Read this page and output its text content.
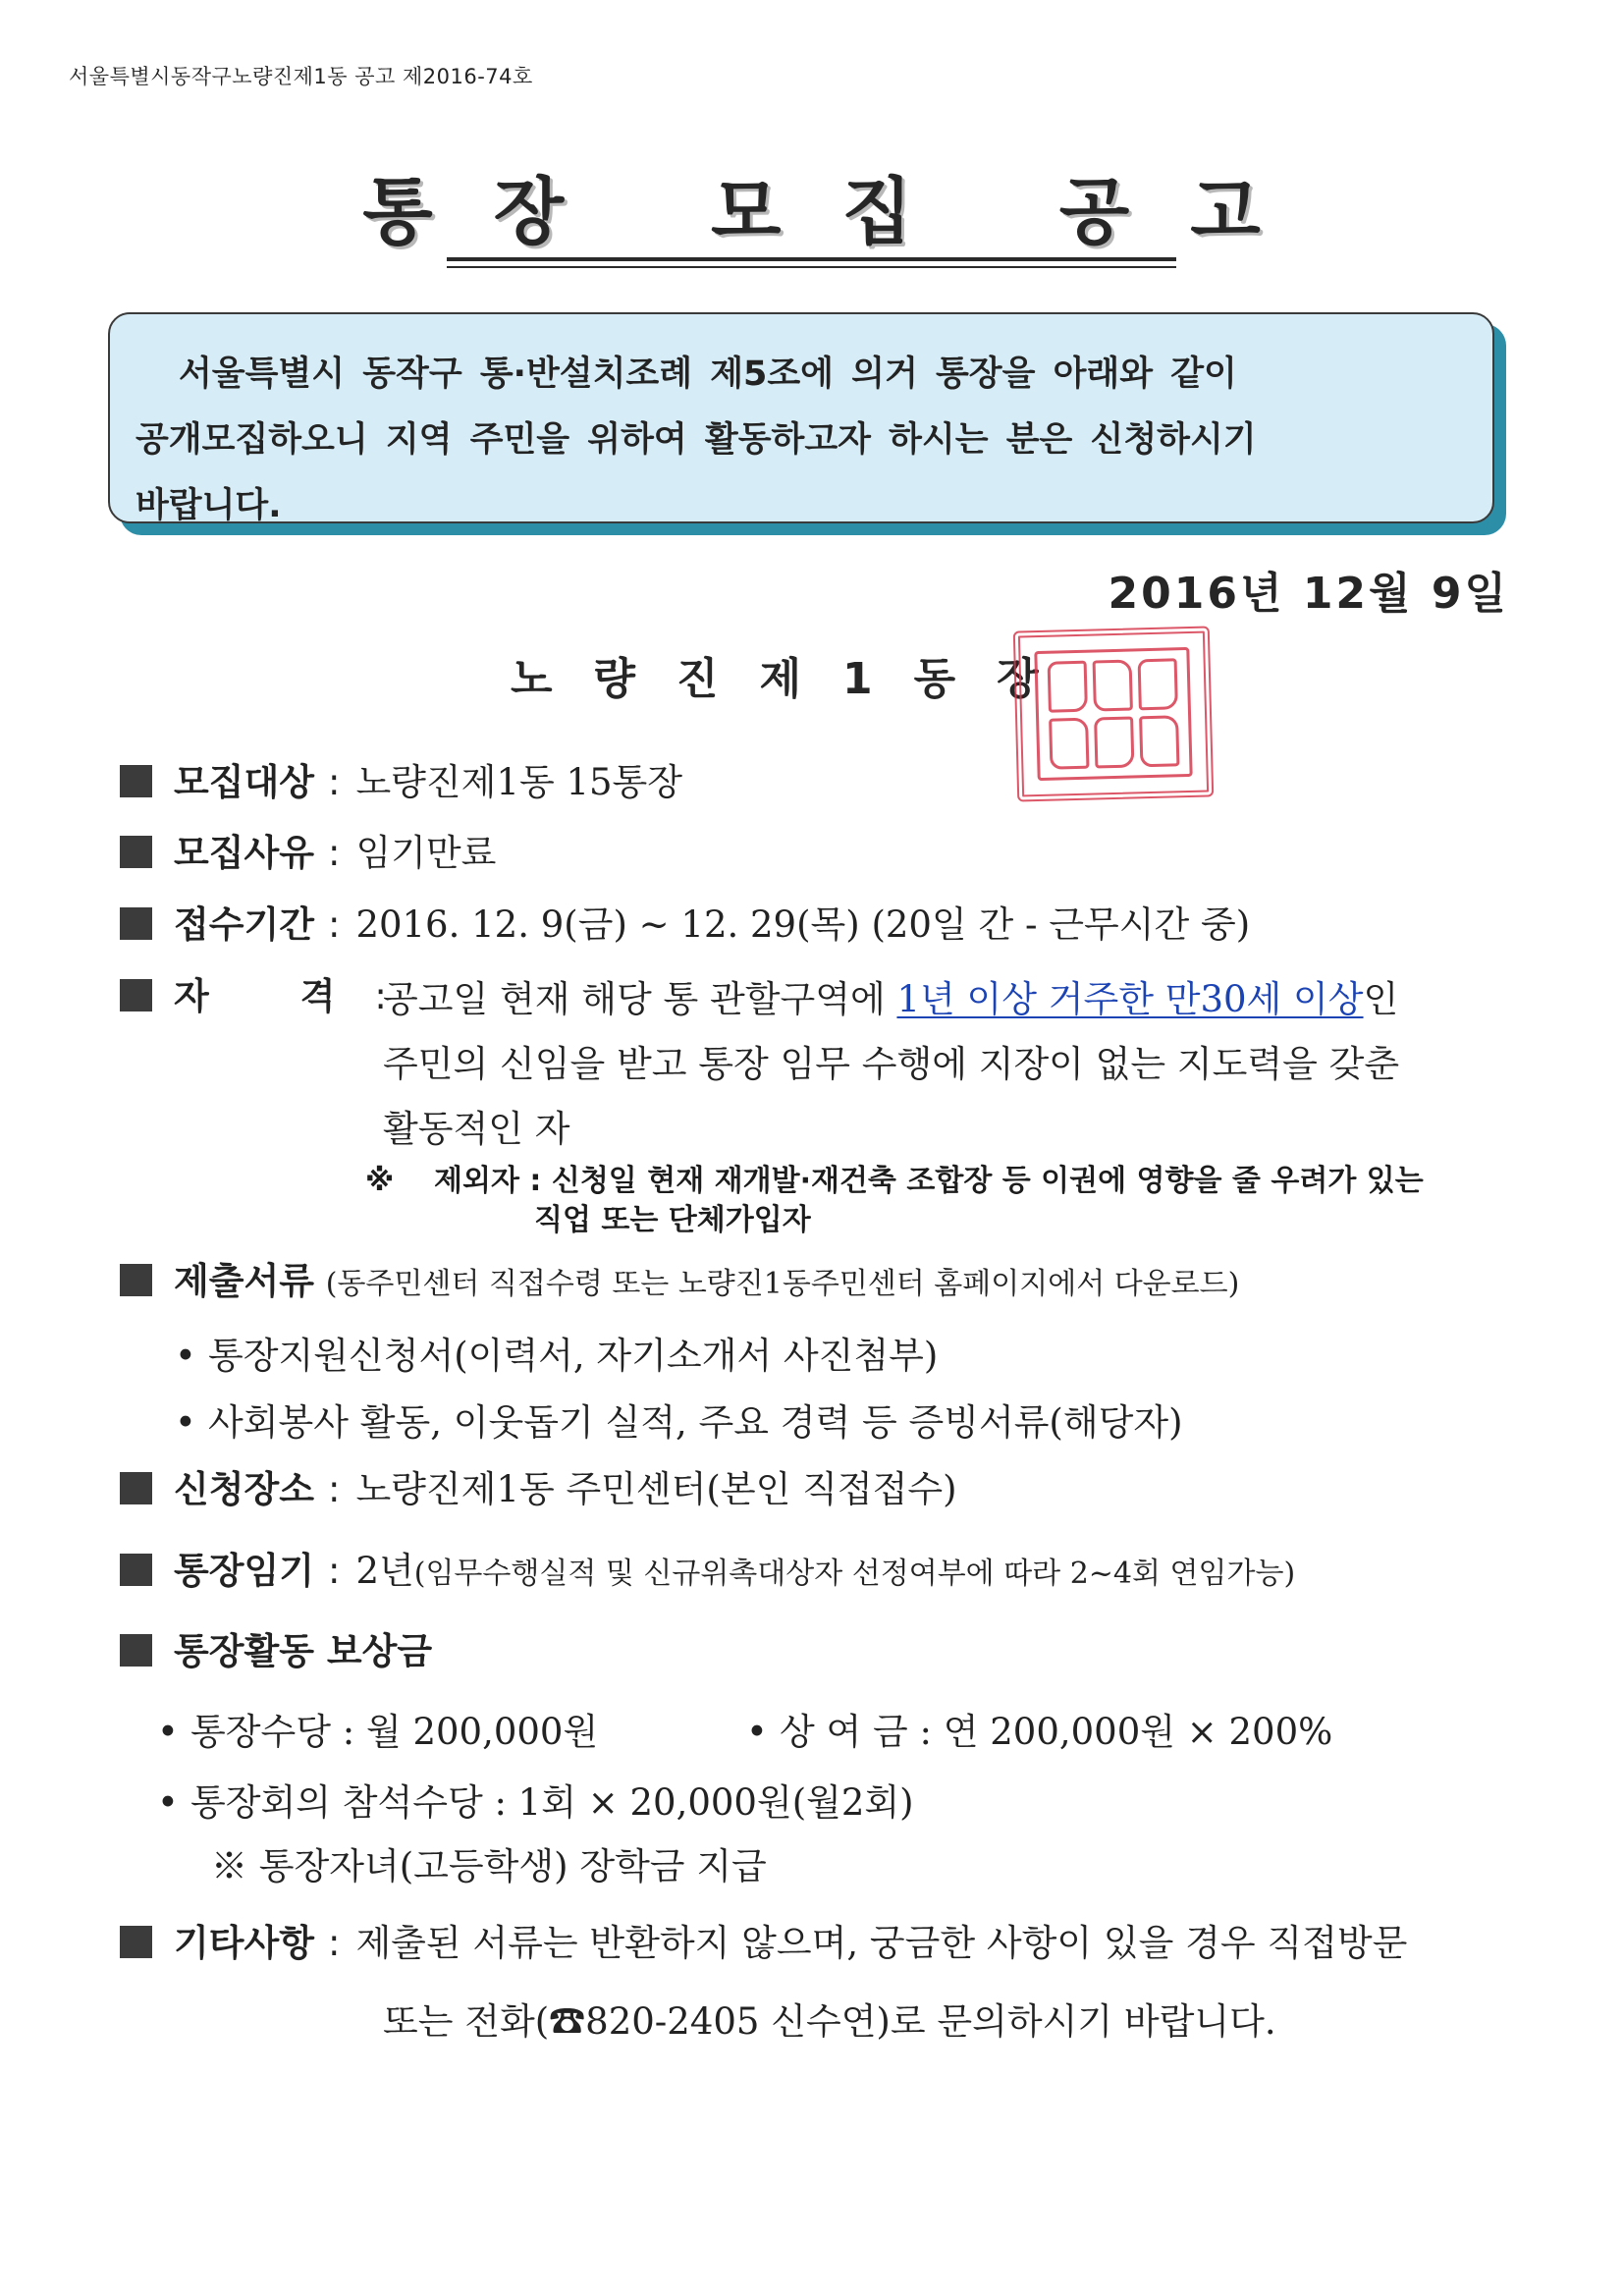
서울특별시동작구노량진제1동 공고 제2016-74호
통장 모집 공고

서울특별시 동작구 통·반설치조례 제5조에 의거 통장을 아래와 같이

공개모집하오니 지역 주민을 위하여 활동하고자 하시는 분은 신청하시기

바랍니다.

2016년 12월 9일
노량진제1동장
모집대상 : 노량진제1동 15통장
모집사유 : 임기만료
접수기간 : 2016. 12. 9(금) ~ 12. 29(목) (20일 간 - 근무시간 중)
자 격:
공고일 현재 해당 통 관할구역에 1년 이상 거주한 만30세 이상인
주민의 신임을 받고 통장 임무 수행에 지장이 없는 지도력을 갖춘
활동적인 자
※ 제외자 : 신청일 현재 재개발·재건축 조합장 등 이권에 영향을 줄 우려가 있는
직업 또는 단체가입자
제출서류 (동주민센터 직접수령 또는 노량진1동주민센터 홈페이지에서 다운로드)
• 통장지원신청서(이력서, 자기소개서 사진첨부)
• 사회봉사 활동, 이웃돕기 실적, 주요 경력 등 증빙서류(해당자)
신청장소 : 노량진제1동 주민센터(본인 직접접수)
통장임기 : 2년(임무수행실적 및 신규위촉대상자 선정여부에 따라 2~4회 연임가능)
통장활동 보상금
• 통장수당 : 월 200,000원	• 상 여 금 : 연 200,000원 × 200%
• 통장회의 참석수당 : 1회 × 20,000원(월2회)
※ 통장자녀(고등학생) 장학금 지급
기타사항 : 제출된 서류는 반환하지 않으며, 궁금한 사항이 있을 경우 직접방문
또는 전화(☎820-2405 신수연)로 문의하시기 바랍니다.
